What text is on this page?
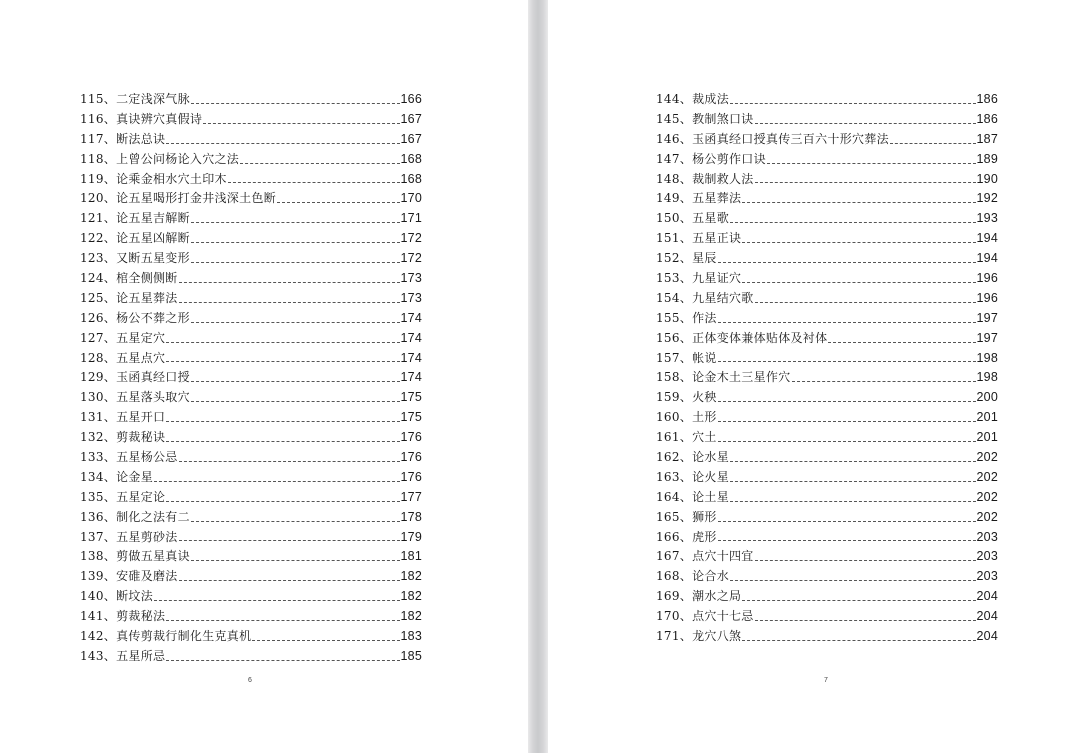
115、二定浅深气脉	166
116、真诀辨穴真假诗	167
117、断法总诀	167
118、上曾公问杨论入穴之法	168
119、论乘金相水穴土印木	168
120、论五星喝形打金井浅深土色断	170
121、论五星吉解断	171
122、论五星凶解断	172
123、又断五星变形	172
124、棺全侧侧断	173
125、论五星葬法	173
126、杨公不葬之形	174
127、五星定穴	174
128、五星点穴	174
129、玉函真经口授	174
130、五星落头取穴	175
131、五星开口	175
132、剪裁秘诀	176
133、五星杨公忌	176
134、论金星	176
135、五星定论	177
136、制化之法有二	178
137、五星剪砂法	179
138、剪做五星真诀	181
139、安碓及磨法	182
140、断坟法	182
141、剪裁秘法	182
142、真传剪裁行制化生克真机	183
143、五星所忌	185
6
144、裁成法	186
145、教制煞口诀	186
146、玉函真经口授真传三百六十形穴葬法	187
147、杨公剪作口诀	189
148、裁制救人法	190
149、五星葬法	192
150、五星歌	193
151、五星正诀	194
152、星辰	194
153、九星证穴	196
154、九星结穴歌	196
155、作法	197
156、正体变体兼体贴体及衬体	197
157、帐说	198
158、论金木土三星作穴	198
159、火秧	200
160、土形	201
161、穴土	201
162、论水星	202
163、论火星	202
164、论土星	202
165、狮形	202
166、虎形	203
167、点穴十四宜	203
168、论合水	203
169、潮水之局	204
170、点穴十七忌	204
171、龙穴八煞	204
7
